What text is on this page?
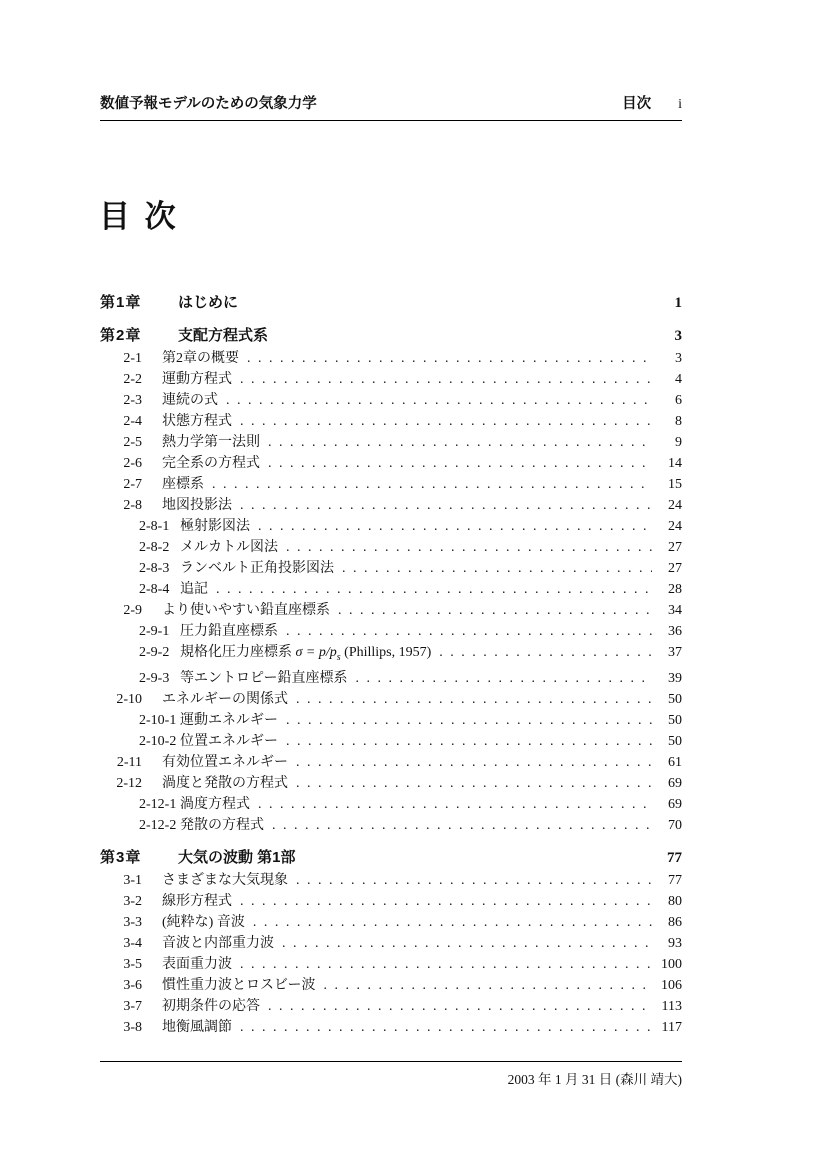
数値予報モデルのための気象力学	目次 i
目 次
第1章	はじめに	1
第2章	支配方程式系	3
2-1	第2章の概要 .....	3
2-2	運動方程式 .....	4
2-3	連続の式 .....	6
2-4	状態方程式 .....	8
2-5	熱力学第一法則 .....	9
2-6	完全系の方程式 .....	14
2-7	座標系 .....	15
2-8	地図投影法 .....	24
2-8-1 極射影図法 .....	24
2-8-2 メルカトル図法 .....	27
2-8-3 ランベルト正角投影図法 .....	27
2-8-4 追記 .....	28
2-9	より使いやすい鉛直座標系 .....	34
2-9-1 圧力鉛直座標系 .....	36
2-9-2 規格化圧力座標系 $\sigma = p/p_s$ (Phillips, 1957) .....	37
2-9-3 等エントロピー鉛直座標系 .....	39
2-10	エネルギーの関係式 .....	50
2-10-1 運動エネルギー .....	50
2-10-2 位置エネルギー .....	50
2-11	有効位置エネルギー .....	61
2-12	渦度と発散の方程式 .....	69
2-12-1 渦度方程式 .....	69
2-12-2 発散の方程式 .....	70
第3章	大気の波動 第1部	77
3-1	さまざまな大気現象 .....	77
3-2	線形方程式 .....	80
3-3	(純粋な) 音波 .....	86
3-4	音波と内部重力波 .....	93
3-5	表面重力波 .....	100
3-6	慣性重力波とロスビー波 .....	106
3-7	初期条件の応答 .....	113
3-8	地衡風調節 .....	117
2003 年 1 月 31 日 (森川 靖大)
